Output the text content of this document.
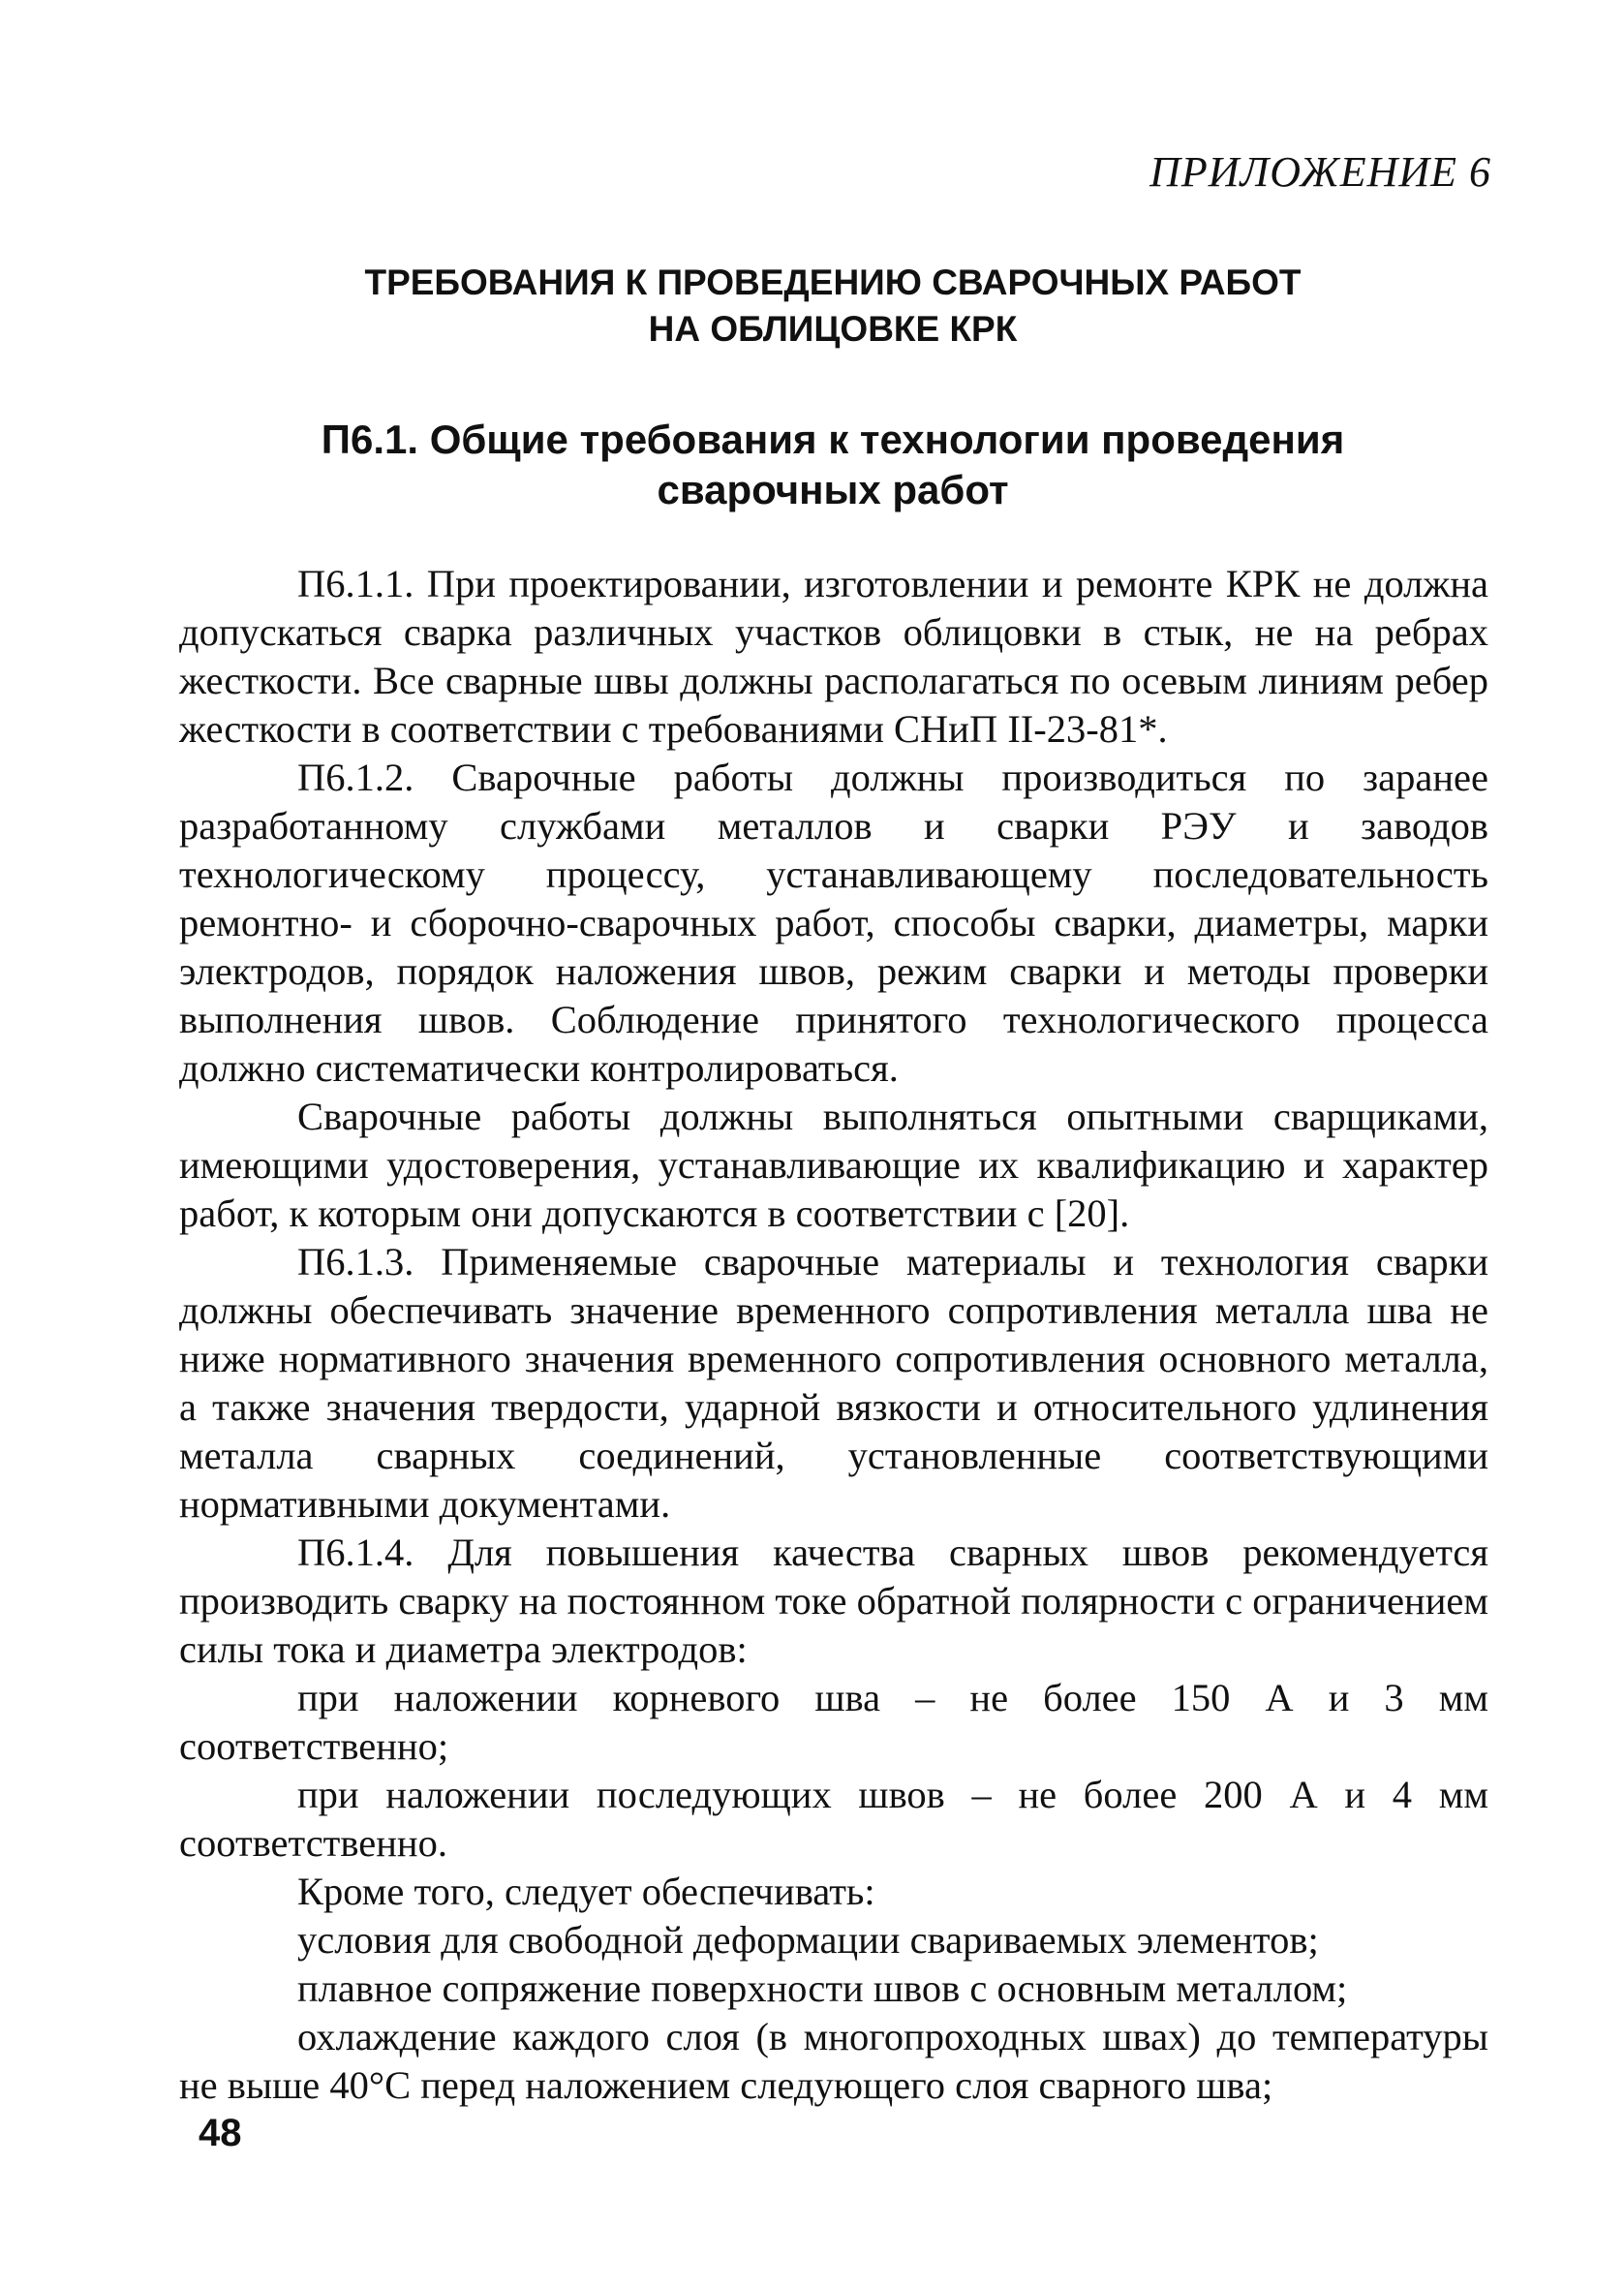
ПРИЛОЖЕНИЕ 6

ТРЕБОВАНИЯ К ПРОВЕДЕНИЮ СВАРОЧНЫХ РАБОТ
НА ОБЛИЦОВКЕ КРК
П6.1. Общие требования к технологии проведения
сварочных работ

П6.1.1. При проектировании, изготовлении и ремонте КРК не должна допускаться сварка различных участков облицовки в стык, не на ребрах жесткости. Все сварные швы должны располагаться по осевым линиям ребер жесткости в соответствии с требованиями СНиП II-23-81*.

П6.1.2. Сварочные работы должны производиться по заранее разработанному службами металлов и сварки РЭУ и заводов технологическому процессу, устанавливающему последовательность ремонтно- и сборочно-сварочных работ, способы сварки, диаметры, марки электродов, порядок наложения швов, режим сварки и методы проверки выполнения швов. Соблюдение принятого технологического процесса должно систематически контролироваться.

Сварочные работы должны выполняться опытными сварщиками, имеющими удостоверения, устанавливающие их квалификацию и характер работ, к которым они допускаются в соответствии с [20].

П6.1.3. Применяемые сварочные материалы и технология сварки должны обеспечивать значение временного сопротивления металла шва не ниже нормативного значения временного сопротивления основного металла, а также значения твердости, ударной вязкости и относительного удлинения металла сварных соединений, установленные соответствующими нормативными документами.

П6.1.4. Для повышения качества сварных швов рекомендуется производить сварку на постоянном токе обратной полярности с ограничением силы тока и диаметра электродов:

при наложении корневого шва – не более 150 А и 3 мм соответственно;

при наложении последующих швов – не более 200 А и 4 мм соответственно.

Кроме того, следует обеспечивать:

условия для свободной деформации свариваемых элементов;

плавное сопряжение поверхности швов с основным металлом;

охлаждение каждого слоя (в многопроходных швах) до температуры не выше 40°С перед наложением следующего слоя сварного шва;

48
